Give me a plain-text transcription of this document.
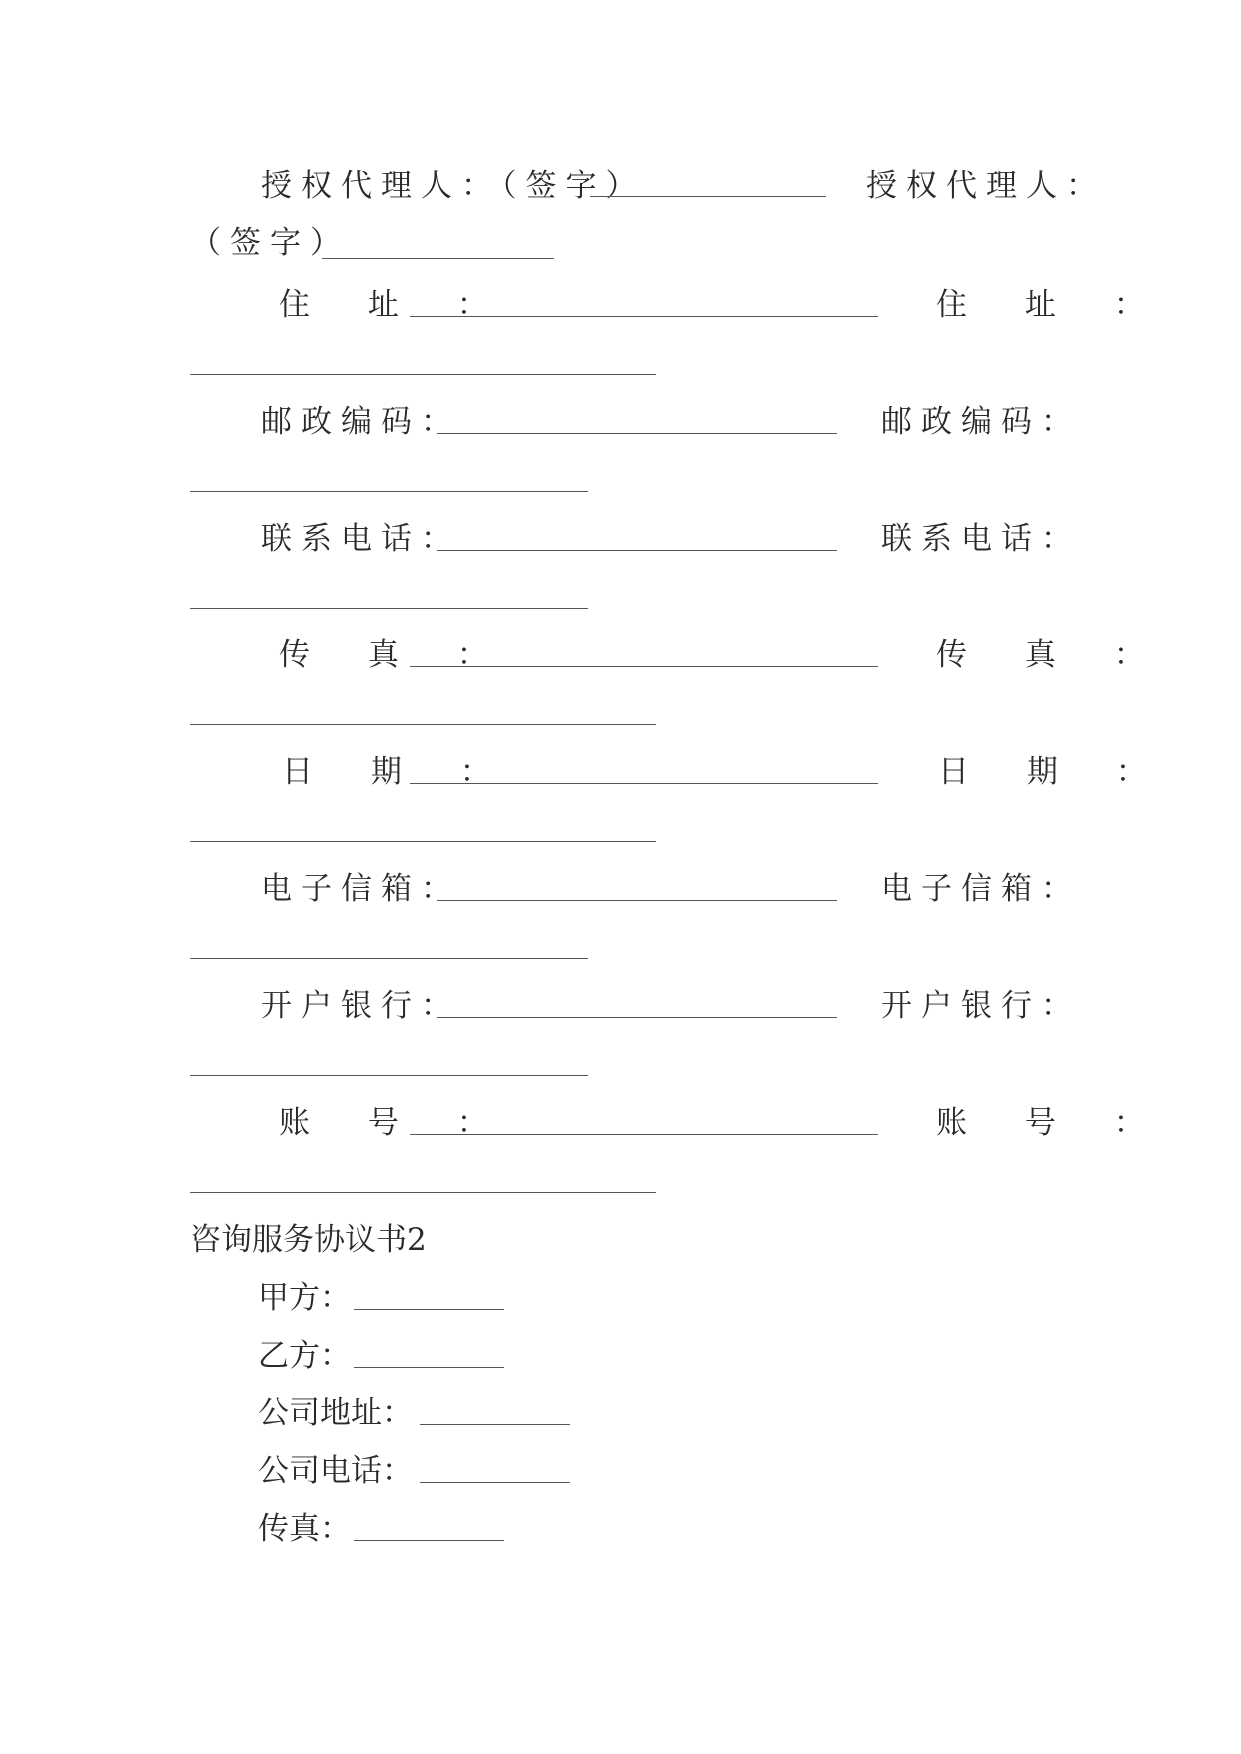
授权代理人：（签字）	授权代理人：
（签字）
住 址 ：	住 址 ：
邮政编码：	邮政编码：
联系电话：	联系电话：
传 真 ：	传 真 ：
日 期 ：	日 期 ：
电子信箱：	电子信箱：
开户银行：	开户银行：
账 号 ：	账 号 ：
咨询服务协议书2
甲方：
乙方：
公司地址：
公司电话：
传真：
